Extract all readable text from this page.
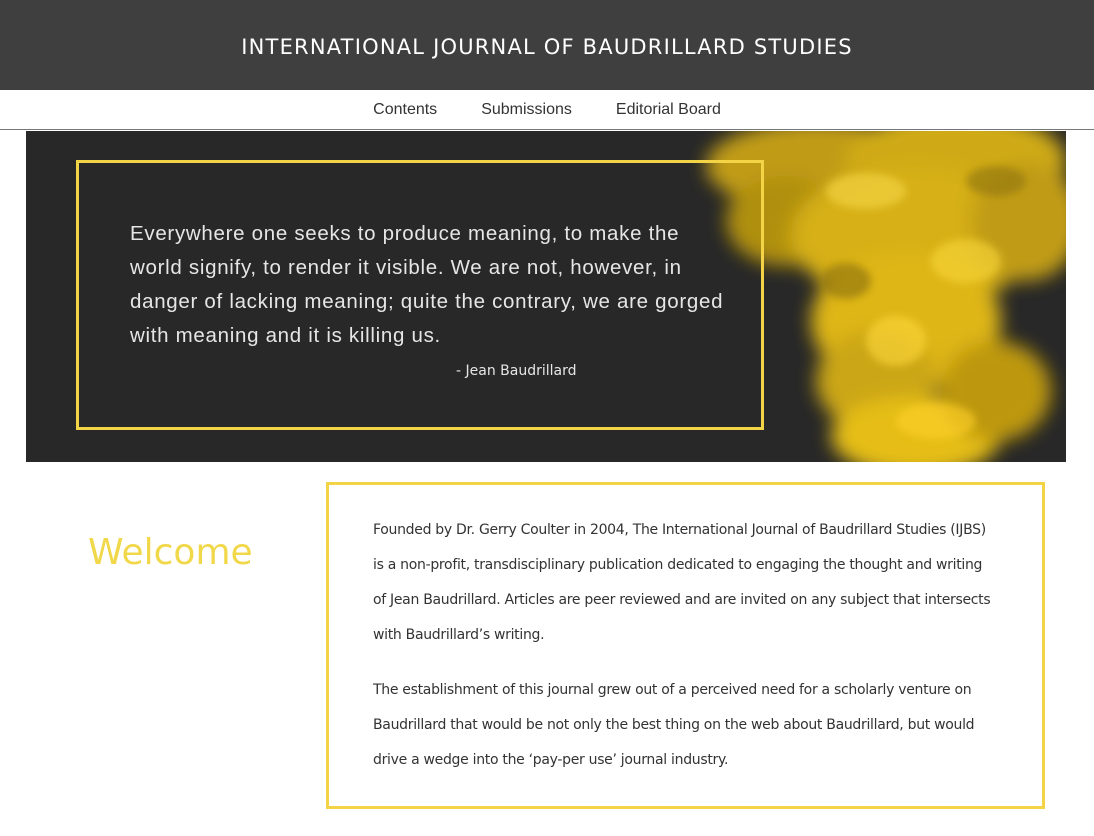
INTERNATIONAL JOURNAL OF BAUDRILLARD STUDIES
Contents	Submissions	Editorial Board

Everywhere one seeks to produce meaning, to make the world signify, to render it visible. We are not, however, in danger of lacking meaning; quite the contrary, we are gorged with meaning and it is killing us.

- Jean Baudrillard
Welcome

Founded by Dr. Gerry Coulter in 2004, The International Journal of Baudrillard Studies (IJBS) is a non-profit, transdisciplinary publication dedicated to engaging the thought and writing of Jean Baudrillard. Articles are peer reviewed and are invited on any subject that intersects with Baudrillard’s writing.

The establishment of this journal grew out of a perceived need for a scholarly venture on Baudrillard that would be not only the best thing on the web about Baudrillard, but would drive a wedge into the ‘pay-per use’ journal industry.
